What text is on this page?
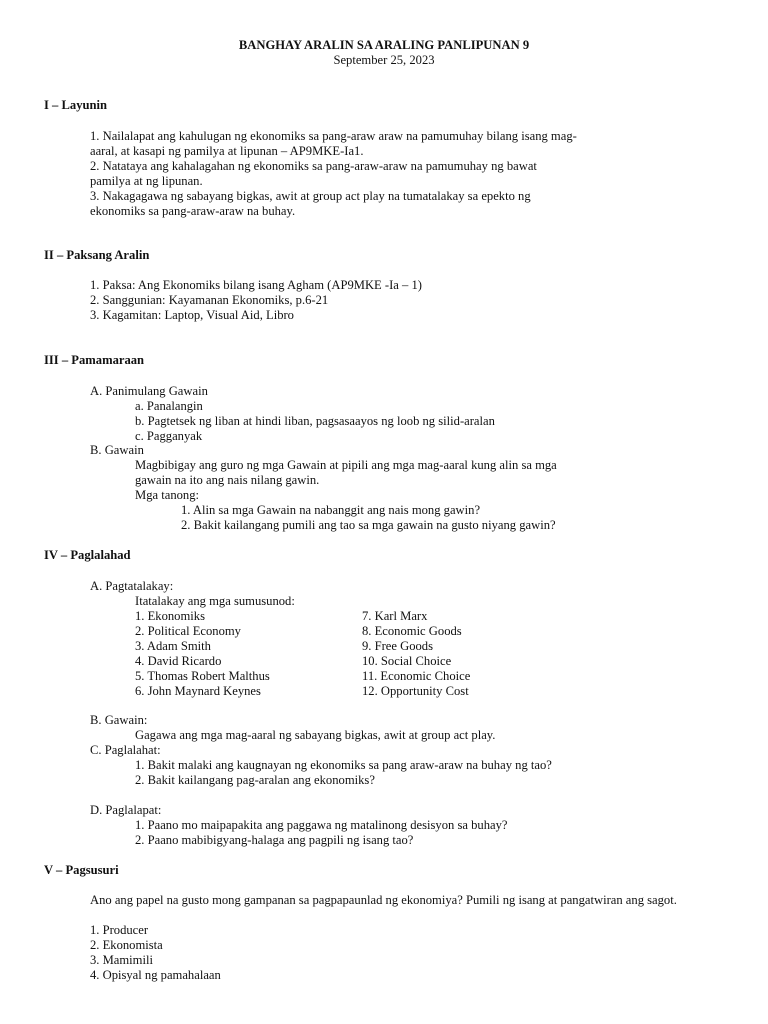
BANGHAY ARALIN SA ARALING PANLIPUNAN 9
September 25, 2023
I – Layunin
1. Nailalapat ang kahulugan ng ekonomiks sa pang-araw araw na pamumuhay bilang isang mag-
aaral, at kasapi ng pamilya at lipunan – AP9MKE-Ia1.
2. Natataya ang kahalagahan ng ekonomiks sa pang-araw-araw na pamumuhay ng bawat
pamilya at ng lipunan.
3. Nakagagawa ng sabayang bigkas, awit at group act play na tumatalakay sa epekto ng
ekonomiks sa pang-araw-araw na buhay.
II – Paksang Aralin
1. Paksa: Ang Ekonomiks bilang isang Agham (AP9MKE -Ia – 1)
2. Sanggunian: Kayamanan Ekonomiks, p.6-21
3. Kagamitan: Laptop, Visual Aid, Libro
III – Pamamaraan
A. Panimulang Gawain
a. Panalangin
b. Pagtetsek ng liban at hindi liban, pagsasaayos ng loob ng silid-aralan
c. Pagganyak
B. Gawain
Magbibigay ang guro ng mga Gawain at pipili ang mga mag-aaral kung alin sa mga
gawain na ito ang nais nilang gawin.
Mga tanong:
1. Alin sa mga Gawain na nabanggit ang nais mong gawin?
2. Bakit kailangang pumili ang tao sa mga gawain na gusto niyang gawin?
IV – Paglalahad
A. Pagtatalakay:
Itatalakay ang mga sumusunod:
1. Ekonomiks
2. Political Economy
3. Adam Smith
4. David Ricardo
5. Thomas Robert Malthus
6. John Maynard Keynes
7. Karl Marx
8. Economic Goods
9. Free Goods
10. Social Choice
11. Economic Choice
12. Opportunity Cost
B. Gawain:
Gagawa ang mga mag-aaral ng sabayang bigkas, awit at group act play.
C. Paglalahat:
1. Bakit malaki ang kaugnayan ng ekonomiks sa pang araw-araw na buhay ng tao?
2. Bakit kailangang pag-aralan ang ekonomiks?
D. Paglalapat:
1. Paano mo maipapakita ang paggawa ng matalinong desisyon sa buhay?
2. Paano mabibigyang-halaga ang pagpili ng isang tao?
V – Pagsusuri
Ano ang papel na gusto mong gampanan sa pagpapaunlad ng ekonomiya? Pumili ng isang at pangatwiran ang sagot.
1. Producer
2. Ekonomista
3. Mamimili
4. Opisyal ng pamahalaan
